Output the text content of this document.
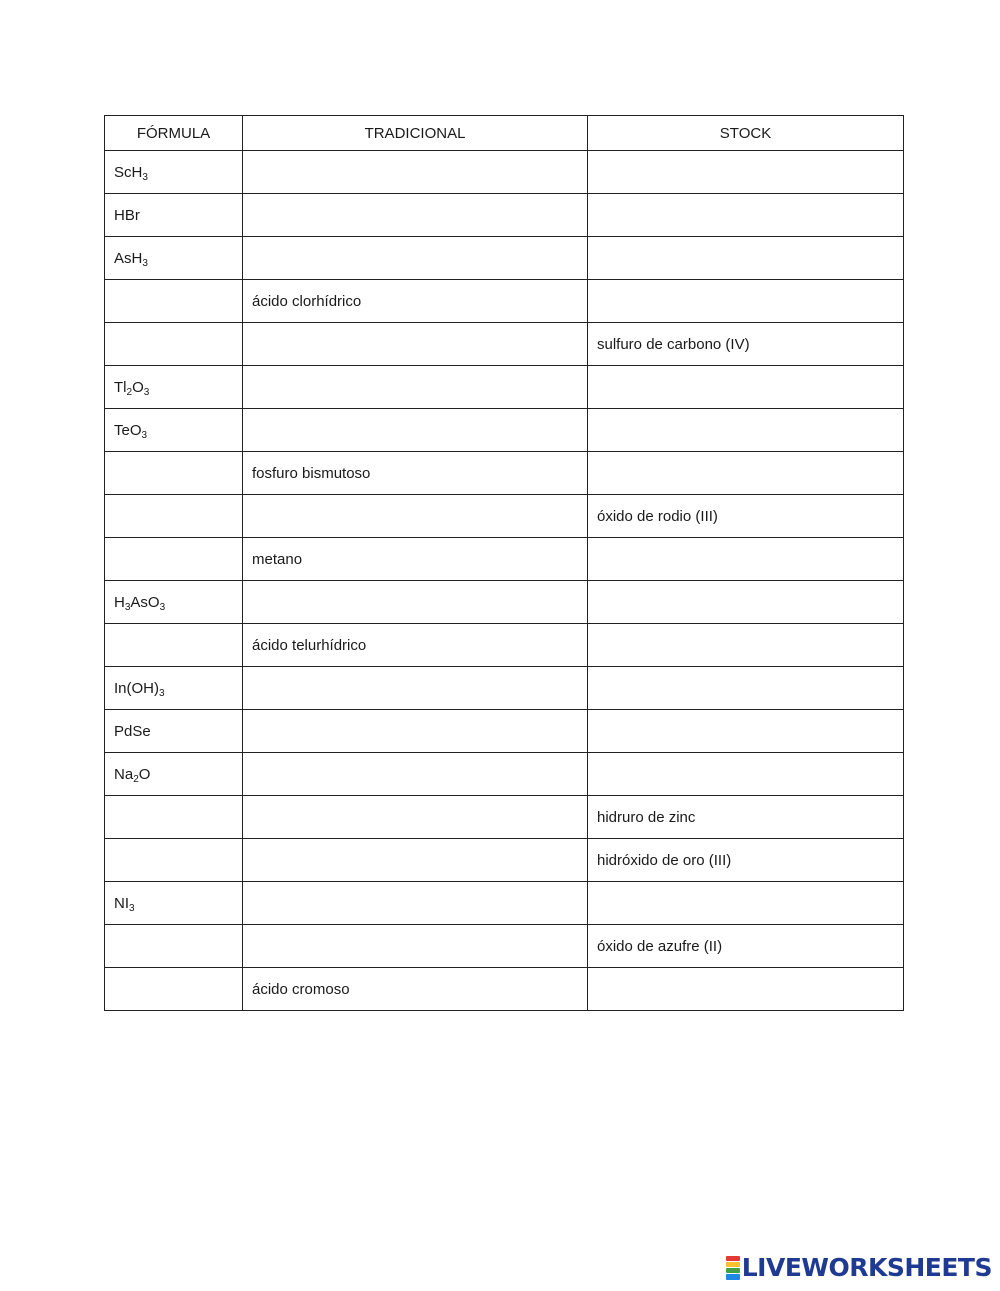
FÓRMULA	TRADICIONAL	STOCK
ScH$_3$		
HBr		
AsH$_3$		
	ácido clorhídrico	
		sulfuro de carbono (IV)
$Tl_2O_3$		
TeO$_3$		
	fosfuro bismutoso	
		óxido de rodio (III)
	metano	
$H_3AsO_3$		
	ácido telurhídrico	
$In(OH)_3$		
PdSe		
$Na_2O$		
		hidruro de zinc
		hidróxido de oro (III)
$NI_3$		
		óxido de azufre (II)
	ácido cromoso	
LIVEWORKSHEETS
